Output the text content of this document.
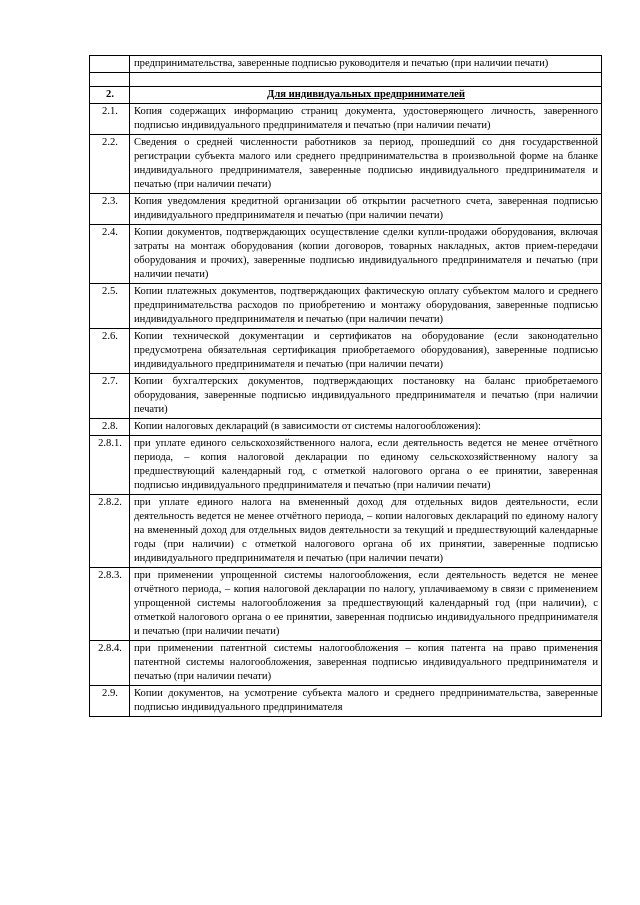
	предпринимательства, заверенные подписью руководителя и печатью (при наличии печати)

2.	Для индивидуальных предпринимателей
2.1.	Копия содержащих информацию страниц документа, удостоверяющего личность, заверенного подписью индивидуального предпринимателя и печатью (при наличии печати)
2.2.	Сведения о средней численности работников за период, прошедший со дня государственной регистрации субъекта малого или среднего предпринимательства в произвольной форме на бланке индивидуального предпринимателя, заверенные подписью индивидуального предпринимателя и печатью (при наличии печати)
2.3.	Копия уведомления кредитной организации об открытии расчетного счета, заверенная подписью индивидуального предпринимателя и печатью (при наличии печати)
2.4.	Копии документов, подтверждающих осуществление сделки купли-продажи оборудования, включая затраты на монтаж оборудования (копии договоров, товарных накладных, актов прием-передачи оборудования и прочих), заверенные подписью индивидуального предпринимателя и печатью (при наличии печати)
2.5.	Копии платежных документов, подтверждающих фактическую оплату субъектом малого и среднего предпринимательства расходов по приобретению и монтажу оборудования, заверенные подписью индивидуального предпринимателя и печатью (при наличии печати)
2.6.	Копии технической документации и сертификатов на оборудование (если законодательно предусмотрена обязательная сертификация приобретаемого оборудования), заверенные подписью индивидуального предпринимателя и печатью (при наличии печати)
2.7.	Копии бухгалтерских документов, подтверждающих постановку на баланс приобретаемого оборудования, заверенные подписью индивидуального предпринимателя и печатью (при наличии печати)
2.8.	Копии налоговых деклараций (в зависимости от системы налогообложения):
2.8.1.	при уплате единого сельскохозяйственного налога, если деятельность ведется не менее отчётного периода, – копия налоговой декларации по единому сельскохозяйственному налогу за предшествующий календарный год, с отметкой налогового органа о ее принятии, заверенная подписью индивидуального предпринимателя и печатью (при наличии печати)
2.8.2.	при уплате единого налога на вмененный доход для отдельных видов деятельности, если деятельность ведется не менее отчётного периода, – копии налоговых деклараций по единому налогу на вмененный доход для отдельных видов деятельности за текущий и предшествующий календарные годы (при наличии) с отметкой налогового органа об их принятии, заверенные подписью индивидуального предпринимателя и печатью (при наличии печати)
2.8.3.	при применении упрощенной системы налогообложения, если деятельность ведется не менее отчётного периода, – копия налоговой декларации по налогу, уплачиваемому в связи с применением упрощенной системы налогообложения за предшествующий календарный год (при наличии), с отметкой налогового органа о ее принятии, заверенная подписью индивидуального предпринимателя и печатью (при наличии печати)
2.8.4.	при применении патентной системы налогообложения – копия патента на право применения патентной системы налогообложения, заверенная подписью индивидуального предпринимателя и печатью (при наличии печати)
2.9.	Копии документов, на усмотрение субъекта малого и среднего предпринимательства, заверенные подписью индивидуального предпринимателя
